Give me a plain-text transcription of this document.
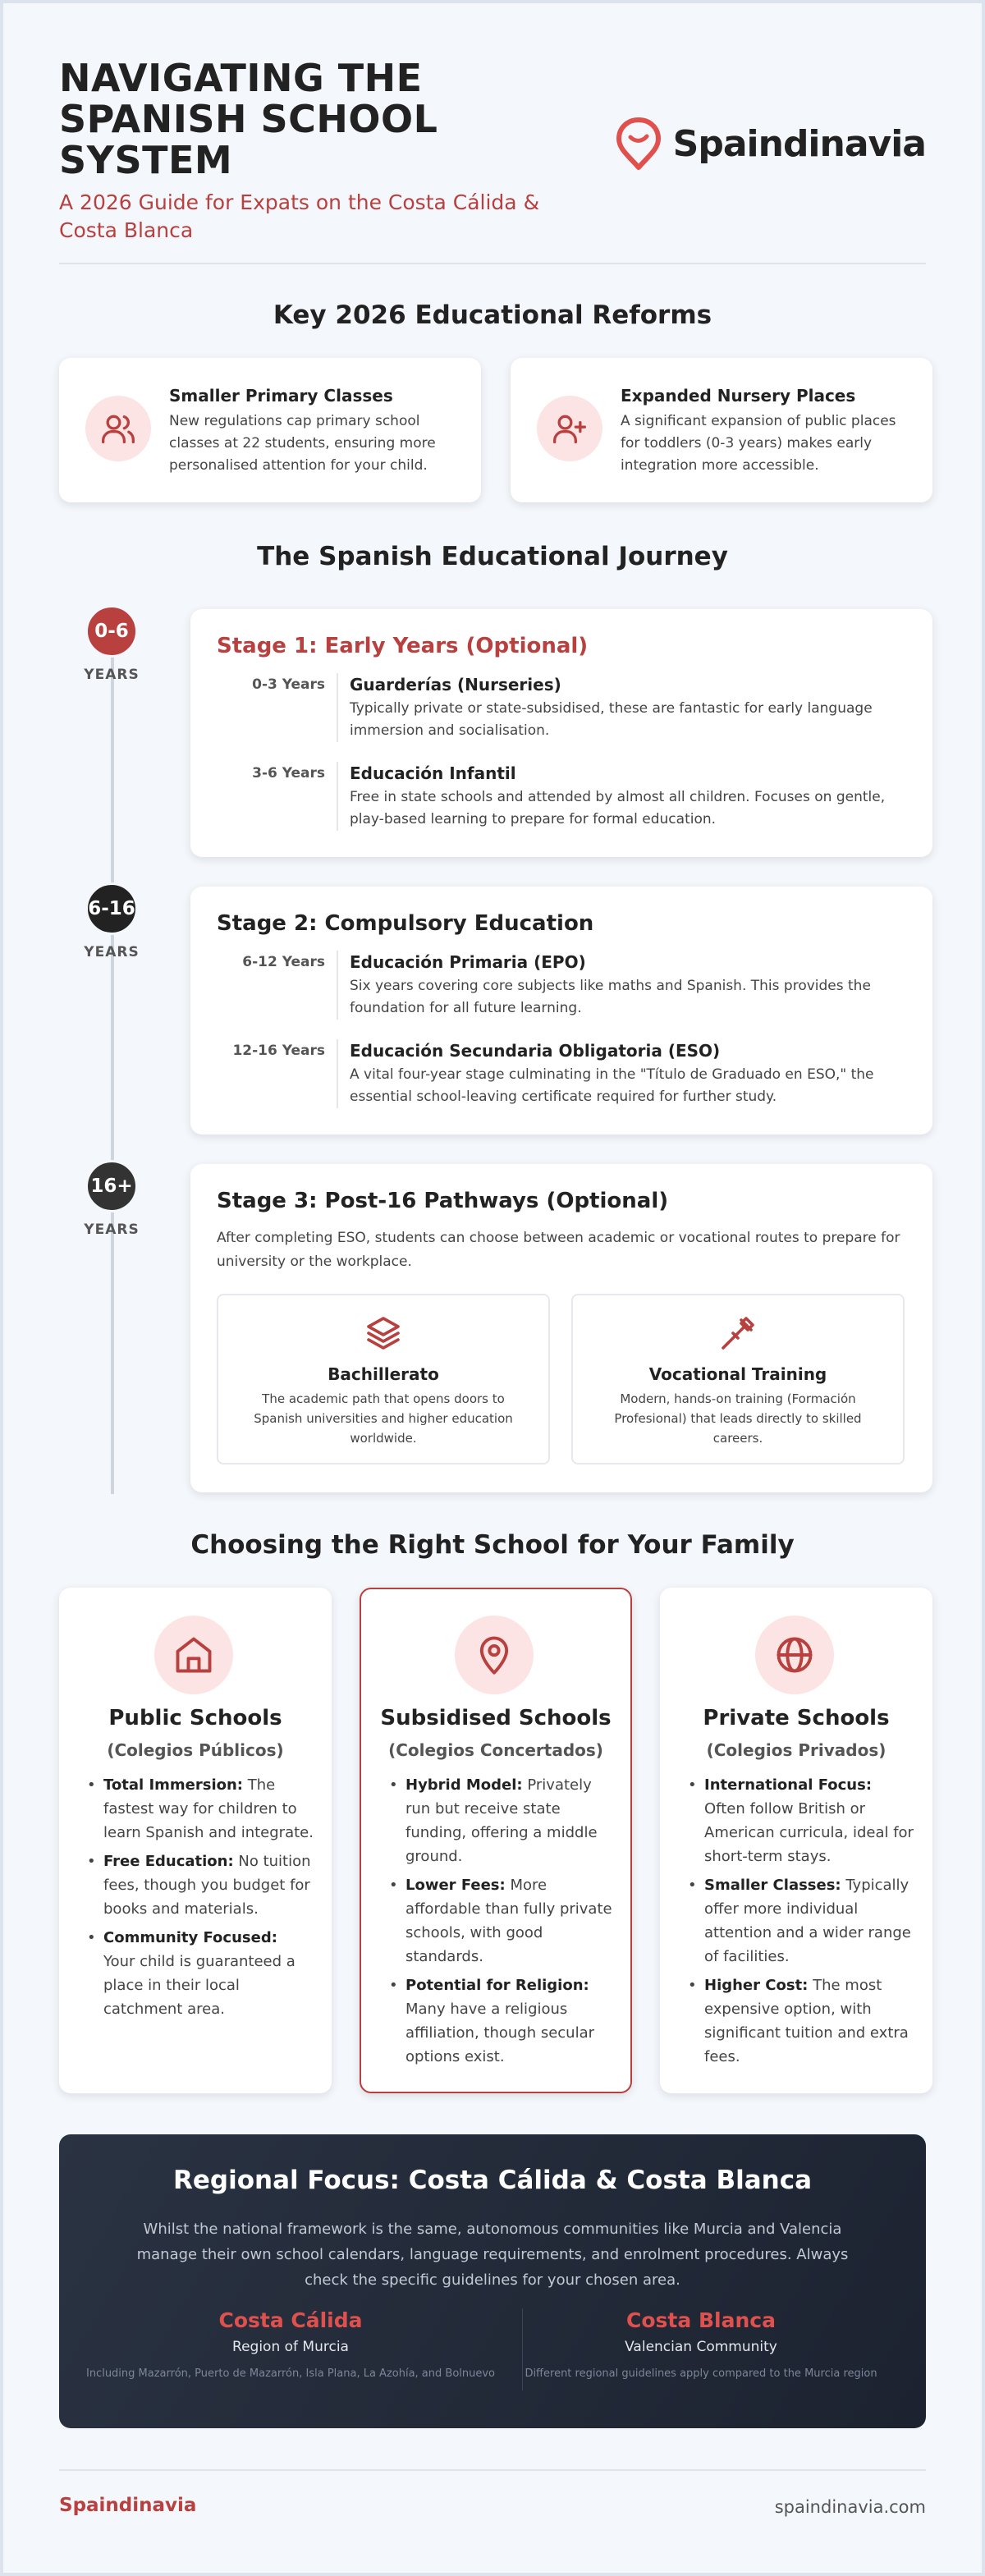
NAVIGATING THE SPANISH SCHOOL SYSTEM
A 2026 Guide for Expats on the Costa Cálida & Costa Blanca
Spaindinavia
Key 2026 Educational Reforms
Smaller Primary Classes
New regulations cap primary school classes at 22 students, ensuring more personalised attention for your child.
Expanded Nursery Places
A significant expansion of public places for toddlers (0-3 years) makes early integration more accessible.
The Spanish Educational Journey
0-6
YEARS
Stage 1: Early Years (Optional)
0-3 Years Guarderías (Nurseries)
Typically private or state-subsidised, these are fantastic for early language immersion and socialisation.
3-6 Years Educación Infantil
Free in state schools and attended by almost all children. Focuses on gentle, play-based learning to prepare for formal education.
6-16
YEARS
Stage 2: Compulsory Education
6-12 Years Educación Primaria (EPO)
Six years covering core subjects like maths and Spanish. This provides the foundation for all future learning.
12-16 Years Educación Secundaria Obligatoria (ESO)
A vital four-year stage culminating in the "Título de Graduado en ESO," the essential school-leaving certificate required for further study.
16+
YEARS
Stage 3: Post-16 Pathways (Optional)
After completing ESO, students can choose between academic or vocational routes to prepare for university or the workplace.
Bachillerato
The academic path that opens doors to Spanish universities and higher education worldwide.
Vocational Training
Modern, hands-on training (Formación Profesional) that leads directly to skilled careers.
Choosing the Right School for Your Family
Public Schools
(Colegios Públicos)
• Total Immersion: The fastest way for children to learn Spanish and integrate.
• Free Education: No tuition fees, though you budget for books and materials.
• Community Focused: Your child is guaranteed a place in their local catchment area.
Subsidised Schools
(Colegios Concertados)
• Hybrid Model: Privately run but receive state funding, offering a middle ground.
• Lower Fees: More affordable than fully private schools, with good standards.
• Potential for Religion: Many have a religious affiliation, though secular options exist.
Private Schools
(Colegios Privados)
• International Focus: Often follow British or American curricula, ideal for short-term stays.
• Smaller Classes: Typically offer more individual attention and a wider range of facilities.
• Higher Cost: The most expensive option, with significant tuition and extra fees.
Regional Focus: Costa Cálida & Costa Blanca
Whilst the national framework is the same, autonomous communities like Murcia and Valencia manage their own school calendars, language requirements, and enrolment procedures. Always check the specific guidelines for your chosen area.
Costa Cálida
Region of Murcia
Including Mazarrón, Puerto de Mazarrón, Isla Plana, La Azohía, and Bolnuevo
Costa Blanca
Valencian Community
Different regional guidelines apply compared to the Murcia region
Spaindinavia	spaindinavia.com
